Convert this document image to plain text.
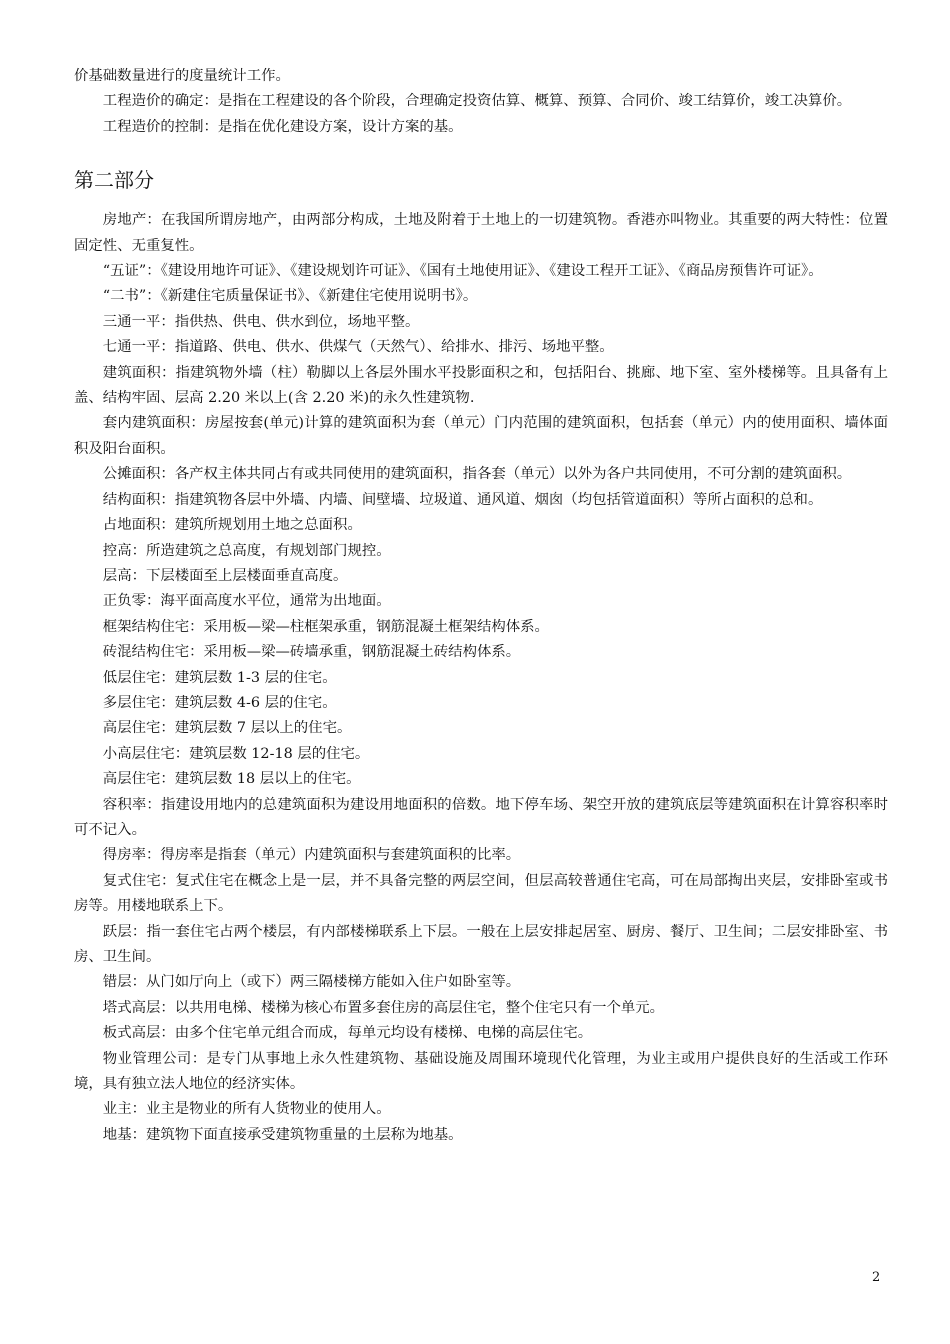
价基础数量进行的度量统计工作。

工程造价的确定：是指在工程建设的各个阶段，合理确定投资估算、概算、预算、合同价、竣工结算价，竣工决算价。

工程造价的控制：是指在优化建设方案，设计方案的基。

第二部分

房地产：在我国所谓房地产，由两部分构成，土地及附着于土地上的一切建筑物。香港亦叫物业。其重要的两大特性：位置固定性、无重复性。

“五证”：《建设用地许可证》、《建设规划许可证》、《国有土地使用证》、《建设工程开工证》、《商品房预售许可证》。

“二书”：《新建住宅质量保证书》、《新建住宅使用说明书》。

三通一平：指供热、供电、供水到位，场地平整。

七通一平：指道路、供电、供水、供煤气（天然气）、给排水、排污、场地平整。

建筑面积：指建筑物外墙（柱）勒脚以上各层外围水平投影面积之和，包括阳台、挑廊、地下室、室外楼梯等。且具备有上盖、结构牢固、层高 2.20 米以上(含 2.20 米)的永久性建筑物.

套内建筑面积：房屋按套(单元)计算的建筑面积为套（单元）门内范围的建筑面积，包括套（单元）内的使用面积、墙体面积及阳台面积。

公摊面积：各产权主体共同占有或共同使用的建筑面积，指各套（单元）以外为各户共同使用，不可分割的建筑面积。

结构面积：指建筑物各层中外墙、内墙、间壁墙、垃圾道、通风道、烟囱（均包括管道面积）等所占面积的总和。

占地面积：建筑所规划用土地之总面积。

控高：所造建筑之总高度，有规划部门规控。

层高：下层楼面至上层楼面垂直高度。

正负零：海平面高度水平位，通常为出地面。

框架结构住宅：采用板—梁—柱框架承重，钢筋混凝土框架结构体系。

砖混结构住宅：采用板—梁—砖墙承重，钢筋混凝土砖结构体系。

低层住宅：建筑层数 1-3 层的住宅。

多层住宅：建筑层数 4-6 层的住宅。

高层住宅：建筑层数 7 层以上的住宅。

小高层住宅：建筑层数 12-18 层的住宅。

高层住宅：建筑层数 18 层以上的住宅。

容积率：指建设用地内的总建筑面积为建设用地面积的倍数。地下停车场、架空开放的建筑底层等建筑面积在计算容积率时可不记入。

得房率：得房率是指套（单元）内建筑面积与套建筑面积的比率。

复式住宅：复式住宅在概念上是一层，并不具备完整的两层空间，但层高较普通住宅高，可在局部掏出夹层，安排卧室或书房等。用楼地联系上下。

跃层：指一套住宅占两个楼层，有内部楼梯联系上下层。一般在上层安排起居室、厨房、餐厅、卫生间；二层安排卧室、书房、卫生间。

错层：从门如厅向上（或下）两三隔楼梯方能如入住户如卧室等。

塔式高层：以共用电梯、楼梯为核心布置多套住房的高层住宅，整个住宅只有一个单元。

板式高层：由多个住宅单元组合而成，每单元均设有楼梯、电梯的高层住宅。

物业管理公司：是专门从事地上永久性建筑物、基础设施及周围环境现代化管理，为业主或用户提供良好的生活或工作环境，具有独立法人地位的经济实体。

业主：业主是物业的所有人货物业的使用人。

地基：建筑物下面直接承受建筑物重量的土层称为地基。

2
